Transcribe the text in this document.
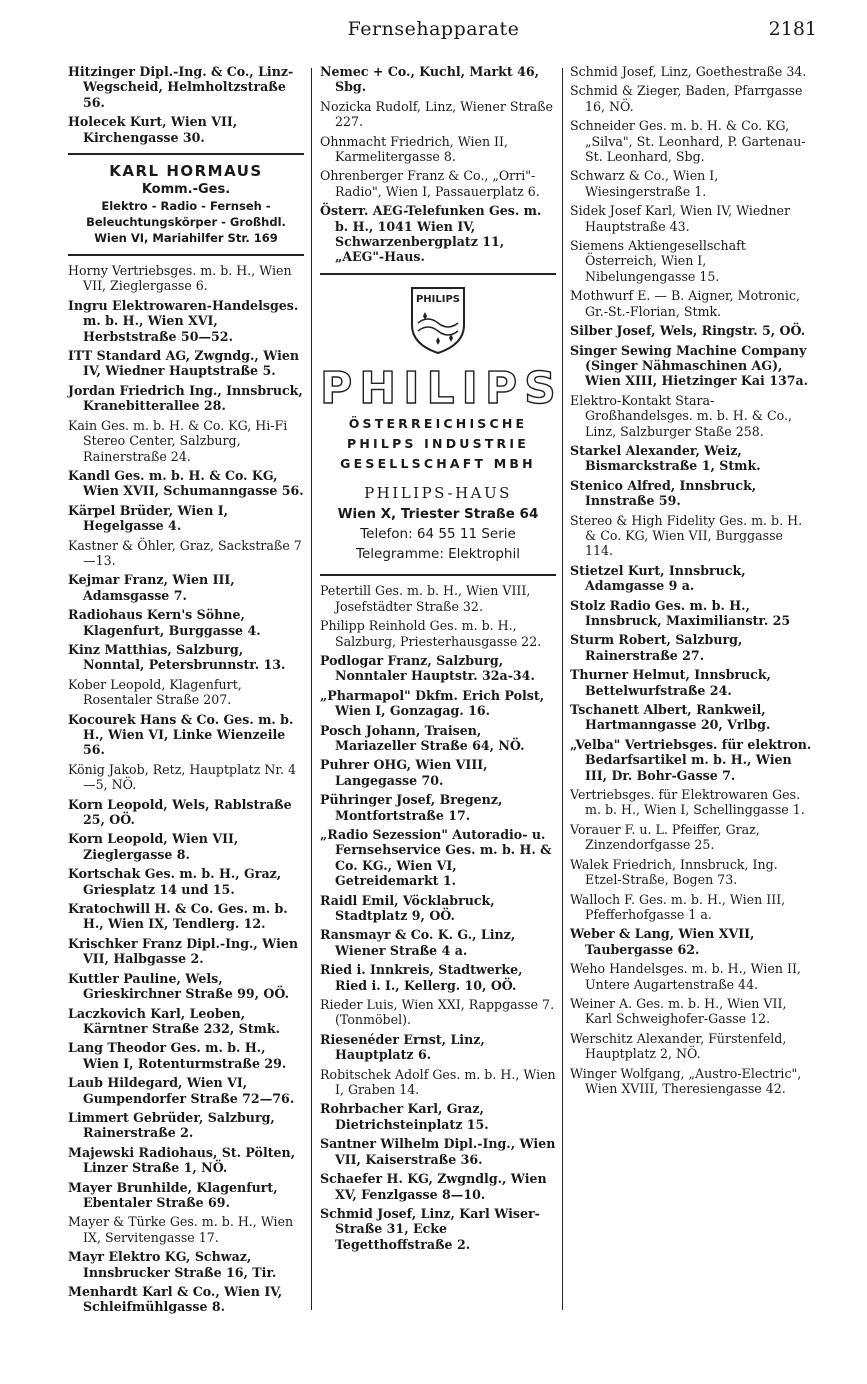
Fernsehapparate	2181
Hitzinger Dipl.-Ing. & Co., Linz-Wegscheid, Helmholtzstraße 56.
Holecek Kurt, Wien VII, Kirchengasse 30.
KARL HORMAUS
Komm.-Ges.
Elektro - Radio - Fernseh - Beleuchtungskörper - Großhdl.
Wien VI, Mariahilfer Str. 169
Horny Vertriebsges. m. b. H., Wien VII, Zieglergasse 6.
Ingru Elektrowaren-Handelsges. m. b. H., Wien XVI, Herbststraße 50—52.
ITT Standard AG, Zwgndg., Wien IV, Wiedner Hauptstraße 5.
Jordan Friedrich Ing., Innsbruck, Kranebitterallee 28.
Kain Ges. m. b. H. & Co. KG, Hi-Fi Stereo Center, Salzburg, Rainerstraße 24.
Kandl Ges. m. b. H. & Co. KG, Wien XVII, Schumanngasse 56.
Kärpel Brüder, Wien I, Hegelgasse 4.
Kastner & Öhler, Graz, Sackstraße 7—13.
Kejmar Franz, Wien III, Adamsgasse 7.
Radiohaus Kern's Söhne, Klagenfurt, Burggasse 4.
Kinz Matthias, Salzburg, Nonntal, Petersbrunnstr. 13.
Kober Leopold, Klagenfurt, Rosentaler Straße 207.
Kocourek Hans & Co. Ges. m. b. H., Wien VI, Linke Wienzeile 56.
König Jakob, Retz, Hauptplatz Nr. 4—5, NÖ.
Korn Leopold, Wels, Rablstraße 25, OÖ.
Korn Leopold, Wien VII, Zieglergasse 8.
Kortschak Ges. m. b. H., Graz, Griesplatz 14 und 15.
Kratochwill H. & Co. Ges. m. b. H., Wien IX, Tendlerg. 12.
Krischker Franz Dipl.-Ing., Wien VII, Halbgasse 2.
Kuttler Pauline, Wels, Grieskirchner Straße 99, OÖ.
Laczkovich Karl, Leoben, Kärntner Straße 232, Stmk.
Lang Theodor Ges. m. b. H., Wien I, Rotenturmstraße 29.
Laub Hildegard, Wien VI, Gumpendorfer Straße 72—76.
Limmert Gebrüder, Salzburg, Rainerstraße 2.
Majewski Radiohaus, St. Pölten, Linzer Straße 1, NÖ.
Mayer Brunhilde, Klagenfurt, Ebentaler Straße 69.
Mayer & Türke Ges. m. b. H., Wien IX, Servitengasse 17.
Mayr Elektro KG, Schwaz, Innsbrucker Straße 16, Tir.
Menhardt Karl & Co., Wien IV, Schleifmühlgasse 8.
Nemec + Co., Kuchl, Markt 46, Sbg.
Nozicka Rudolf, Linz, Wiener Straße 227.
Ohnmacht Friedrich, Wien II, Karmelitergasse 8.
Ohrenberger Franz & Co., „Orri"-Radio", Wien I, Passauerplatz 6.
Österr. AEG-Telefunken Ges. m. b. H., 1041 Wien IV, Schwarzenbergplatz 11, „AEG"-Haus.
PHILIPS
PHILIPS
ÖSTERREICHISCHE
PHILPS INDUSTRIE
GESELLSCHAFT MBH
PHILIPS-HAUS
Wien X, Triester Straße 64
Telefon: 64 55 11 Serie
Telegramme: Elektrophil
Petertill Ges. m. b. H., Wien VIII, Josefstädter Straße 32.
Philipp Reinhold Ges. m. b. H., Salzburg, Priesterhausgasse 22.
Podlogar Franz, Salzburg, Nonntaler Hauptstr. 32a-34.
„Pharmapol" Dkfm. Erich Polst, Wien I, Gonzagag. 16.
Posch Johann, Traisen, Mariazeller Straße 64, NÖ.
Puhrer OHG, Wien VIII, Langegasse 70.
Pühringer Josef, Bregenz, Montfortstraße 17.
„Radio Sezession" Autoradio- u. Fernsehservice Ges. m. b. H. & Co. KG., Wien VI, Getreidemarkt 1.
Raidl Emil, Vöcklabruck, Stadtplatz 9, OÖ.
Ransmayr & Co. K. G., Linz, Wiener Straße 4 a.
Ried i. Innkreis, Stadtwerke, Ried i. I., Kellerg. 10, OÖ.
Rieder Luis, Wien XXI, Rappgasse 7. (Tonmöbel).
Riesenéder Ernst, Linz, Hauptplatz 6.
Robitschek Adolf Ges. m. b. H., Wien I, Graben 14.
Rohrbacher Karl, Graz, Dietrichsteinplatz 15.
Santner Wilhelm Dipl.-Ing., Wien VII, Kaiserstraße 36.
Schaefer H. KG, Zwgndlg., Wien XV, Fenzlgasse 8—10.
Schmid Josef, Linz, Karl Wiser-Straße 31, Ecke Tegetthoffstraße 2.
Schmid Josef, Linz, Goethestraße 34.
Schmid & Zieger, Baden, Pfarrgasse 16, NÖ.
Schneider Ges. m. b. H. & Co. KG, „Silva", St. Leonhard, P. Gartenau-St. Leonhard, Sbg.
Schwarz & Co., Wien I, Wiesingerstraße 1.
Sidek Josef Karl, Wien IV, Wiedner Hauptstraße 43.
Siemens Aktiengesellschaft Österreich, Wien I, Nibelungengasse 15.
Mothwurf E. — B. Aigner, Motronic, Gr.-St.-Florian, Stmk.
Silber Josef, Wels, Ringstr. 5, OÖ.
Singer Sewing Machine Company (Singer Nähmaschinen AG), Wien XIII, Hietzinger Kai 137a.
Elektro-Kontakt Stara-Großhandelsges. m. b. H. & Co., Linz, Salzburger Staße 258.
Starkel Alexander, Weiz, Bismarckstraße 1, Stmk.
Stenico Alfred, Innsbruck, Innstraße 59.
Stereo & High Fidelity Ges. m. b. H. & Co. KG, Wien VII, Burggasse 114.
Stietzel Kurt, Innsbruck, Adamgasse 9 a.
Stolz Radio Ges. m. b. H., Innsbruck, Maximilianstr. 25
Sturm Robert, Salzburg, Rainerstraße 27.
Thurner Helmut, Innsbruck, Bettelwurfstraße 24.
Tschanett Albert, Rankweil, Hartmanngasse 20, Vrlbg.
„Velba" Vertriebsges. für elektron. Bedarfsartikel m. b. H., Wien III, Dr. Bohr-Gasse 7.
Vertriebsges. für Elektrowaren Ges. m. b. H., Wien I, Schellinggasse 1.
Vorauer F. u. L. Pfeiffer, Graz, Zinzendorfgasse 25.
Walek Friedrich, Innsbruck, Ing. Etzel-Straße, Bogen 73.
Walloch F. Ges. m. b. H., Wien III, Pfefferhofgasse 1 a.
Weber & Lang, Wien XVII, Taubergasse 62.
Weho Handelsges. m. b. H., Wien II, Untere Augartenstraße 44.
Weiner A. Ges. m. b. H., Wien VII, Karl Schweighofer-Gasse 12.
Werschitz Alexander, Fürstenfeld, Hauptplatz 2, NÖ.
Winger Wolfgang, „Austro-Electric", Wien XVIII, Theresiengasse 42.
